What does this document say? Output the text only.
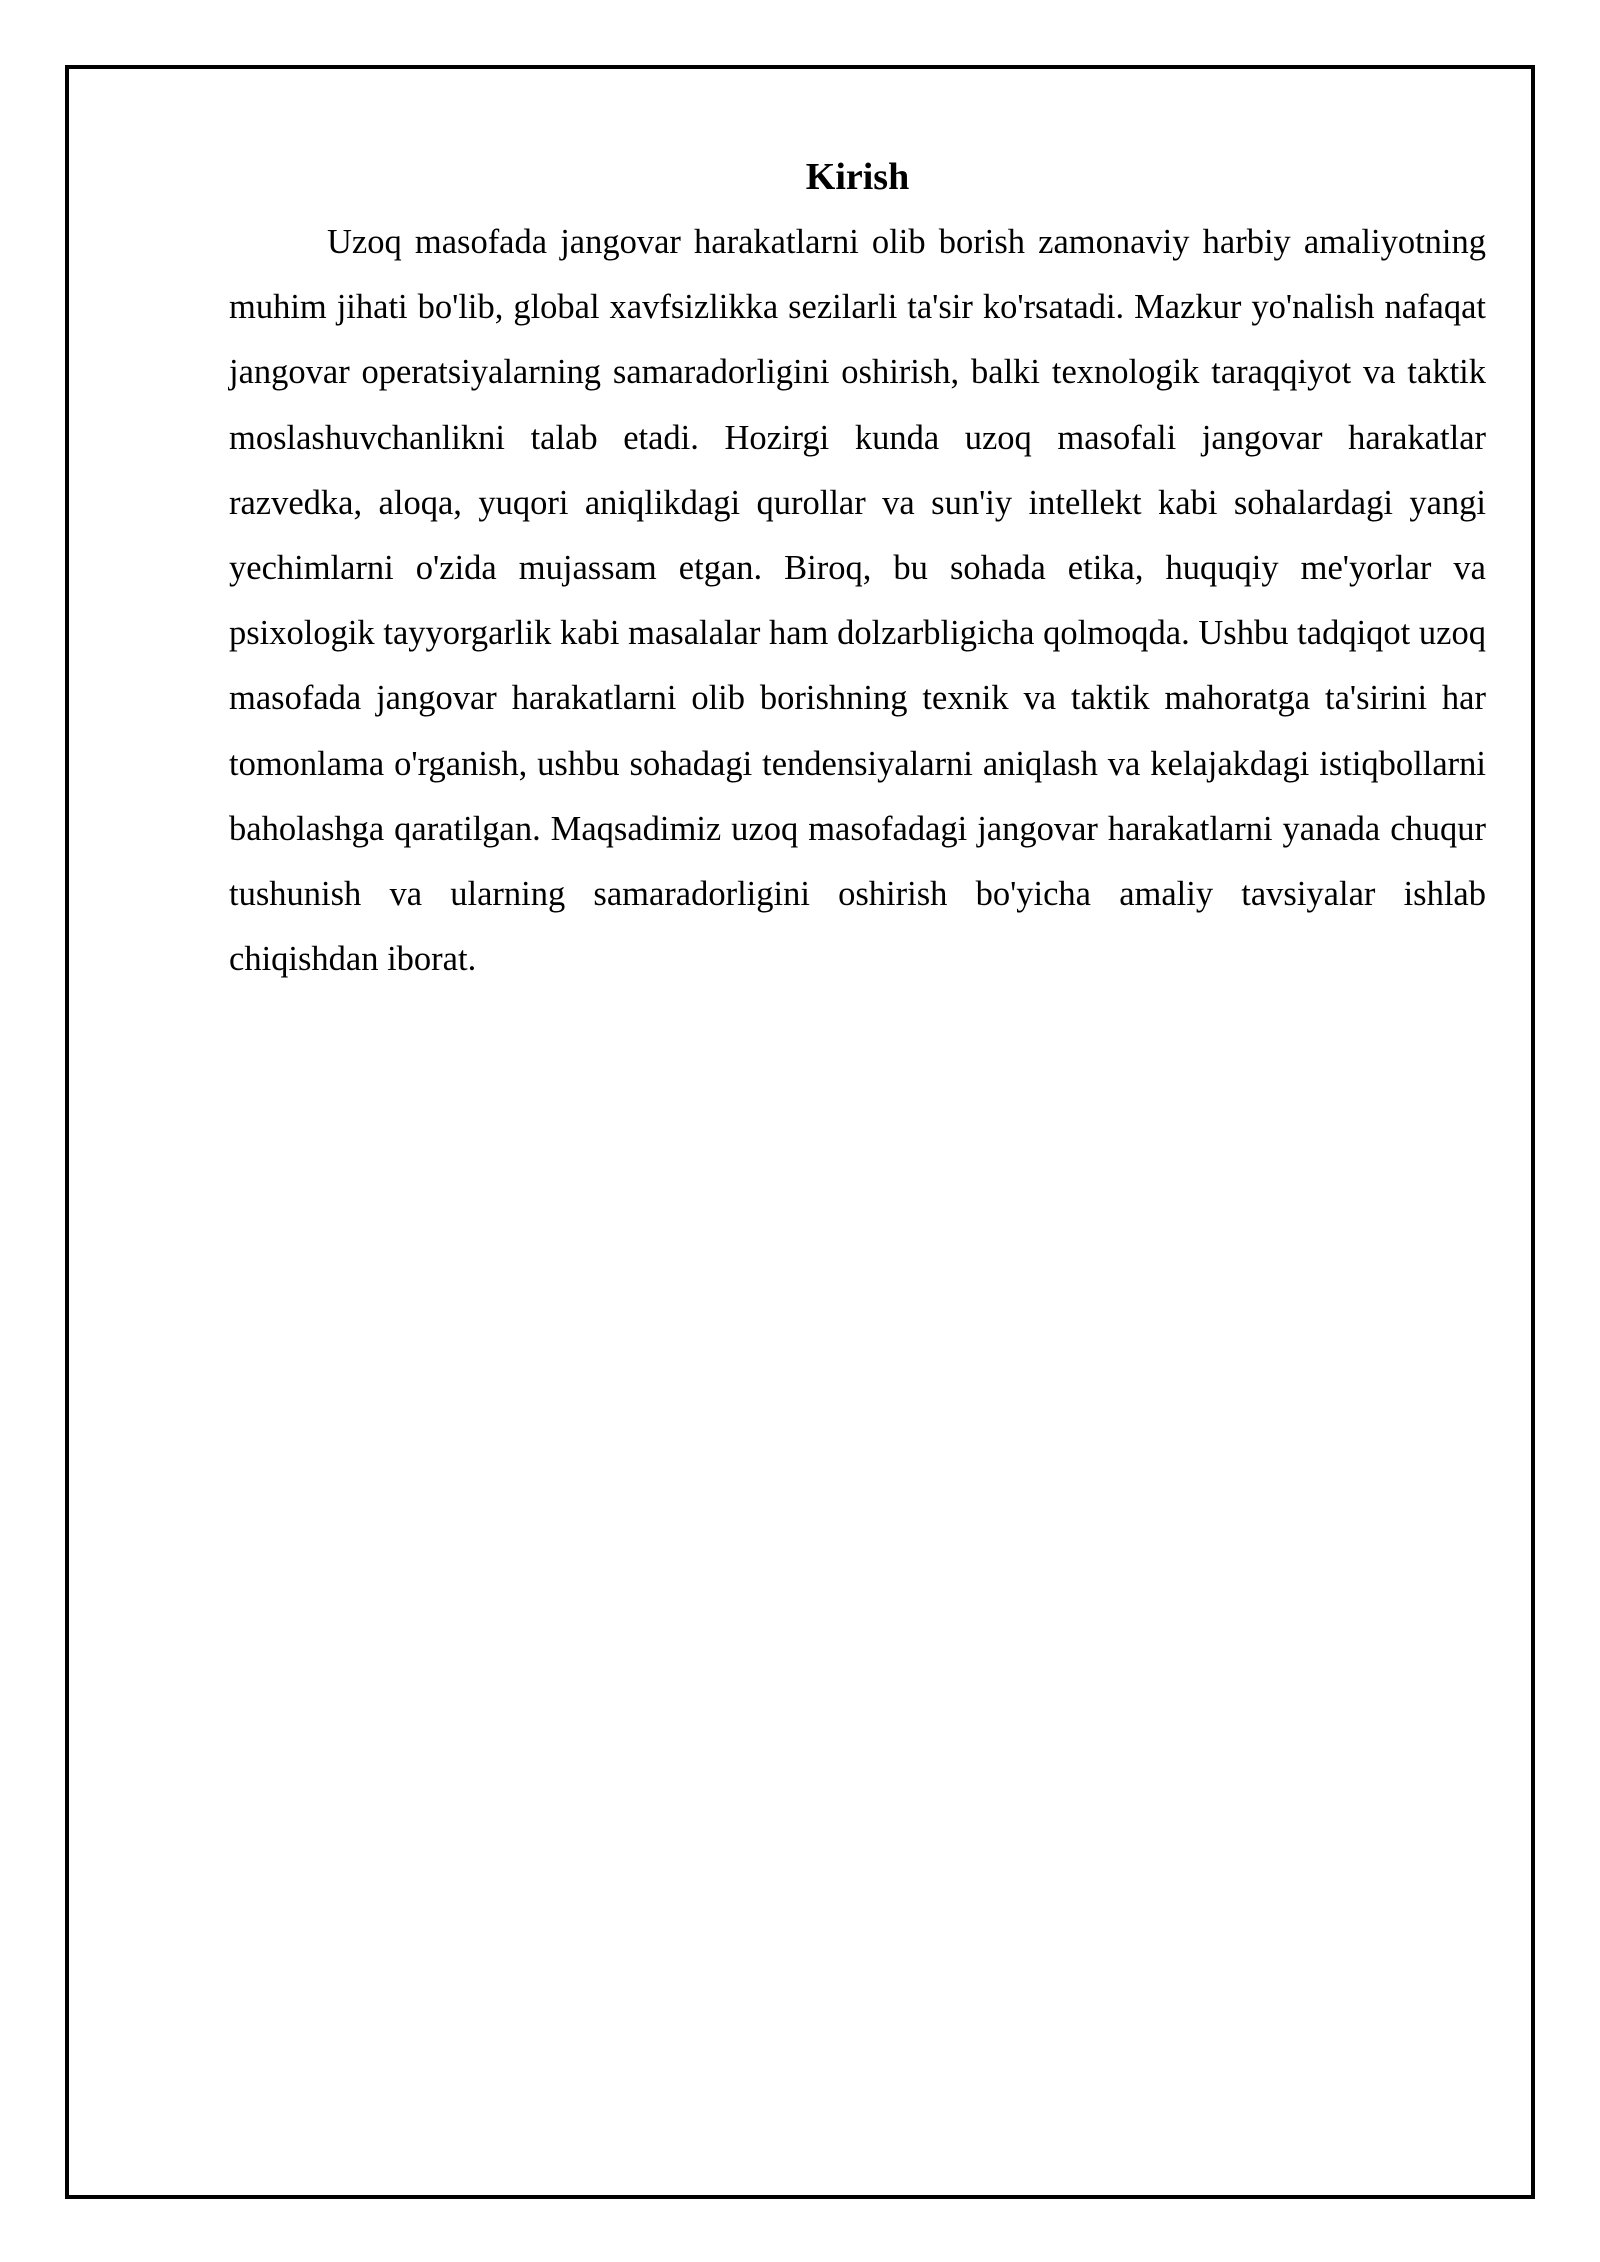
Kirish

Uzoq masofada jangovar harakatlarni olib borish zamonaviy harbiy amaliyotning muhim jihati bo'lib, global xavfsizlikka sezilarli ta'sir ko'rsatadi. Mazkur yo'nalish nafaqat jangovar operatsiyalarning samaradorligini oshirish, balki texnologik taraqqiyot va taktik moslashuvchanlikni talab etadi. Hozirgi kunda uzoq masofali jangovar harakatlar razvedka, aloqa, yuqori aniqlikdagi qurollar va sun'iy intellekt kabi sohalardagi yangi yechimlarni o'zida mujassam etgan. Biroq, bu sohada etika, huquqiy me'yorlar va psixologik tayyorgarlik kabi masalalar ham dolzarbligicha qolmoqda. Ushbu tadqiqot uzoq masofada jangovar harakatlarni olib borishning texnik va taktik mahoratga ta'sirini har tomonlama o'rganish, ushbu sohadagi tendensiyalarni aniqlash va kelajakdagi istiqbollarni baholashga qaratilgan. Maqsadimiz uzoq masofadagi jangovar harakatlarni yanada chuqur tushunish va ularning samaradorligini oshirish bo'yicha amaliy tavsiyalar ishlab chiqishdan iborat.
